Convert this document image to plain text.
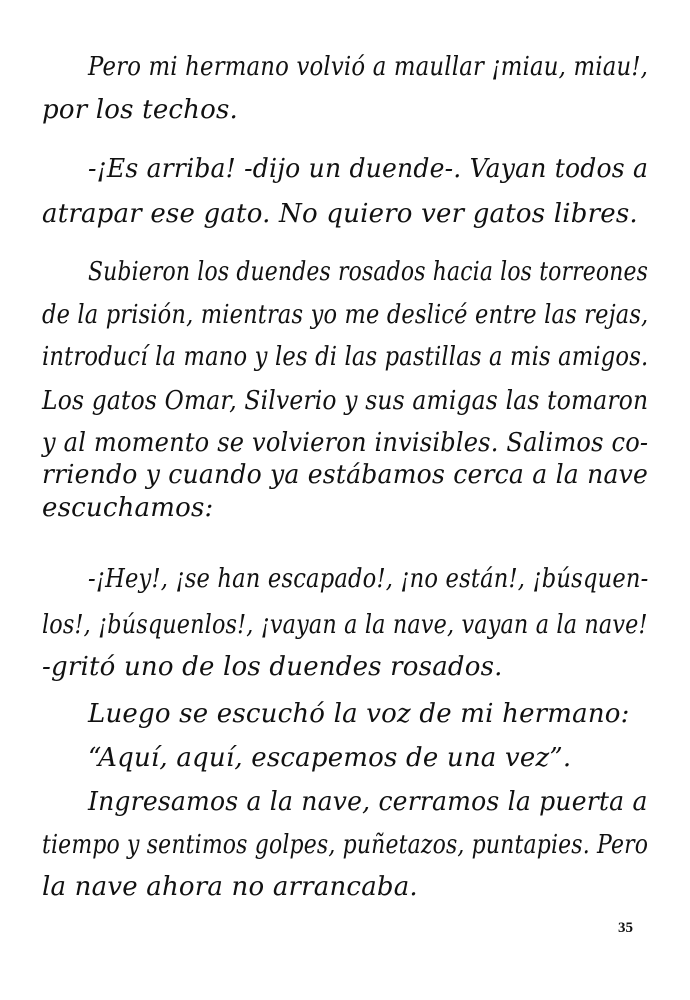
Pero mi hermano volvió a maullar ¡miau, miau!,
por los techos.
-¡Es arriba! -dijo un duende-. Vayan todos a
atrapar ese gato. No quiero ver gatos libres.
Subieron los duendes rosados hacia los torreones
de la prisión, mientras yo me deslicé entre las rejas,
introducí la mano y les di las pastillas a mis amigos.
Los gatos Omar, Silverio y sus amigas las tomaron
y al momento se volvieron invisibles. Salimos co-
rriendo y cuando ya estábamos cerca a la nave
escuchamos:
-¡Hey!, ¡se han escapado!, ¡no están!, ¡búsquen-
los!, ¡búsquenlos!, ¡vayan a la nave, vayan a la nave!
-gritó uno de los duendes rosados.
Luego se escuchó la voz de mi hermano:
“Aquí, aquí, escapemos de una vez”.
Ingresamos a la nave, cerramos la puerta a
tiempo y sentimos golpes, puñetazos, puntapies. Pero
la nave ahora no arrancaba.
35
